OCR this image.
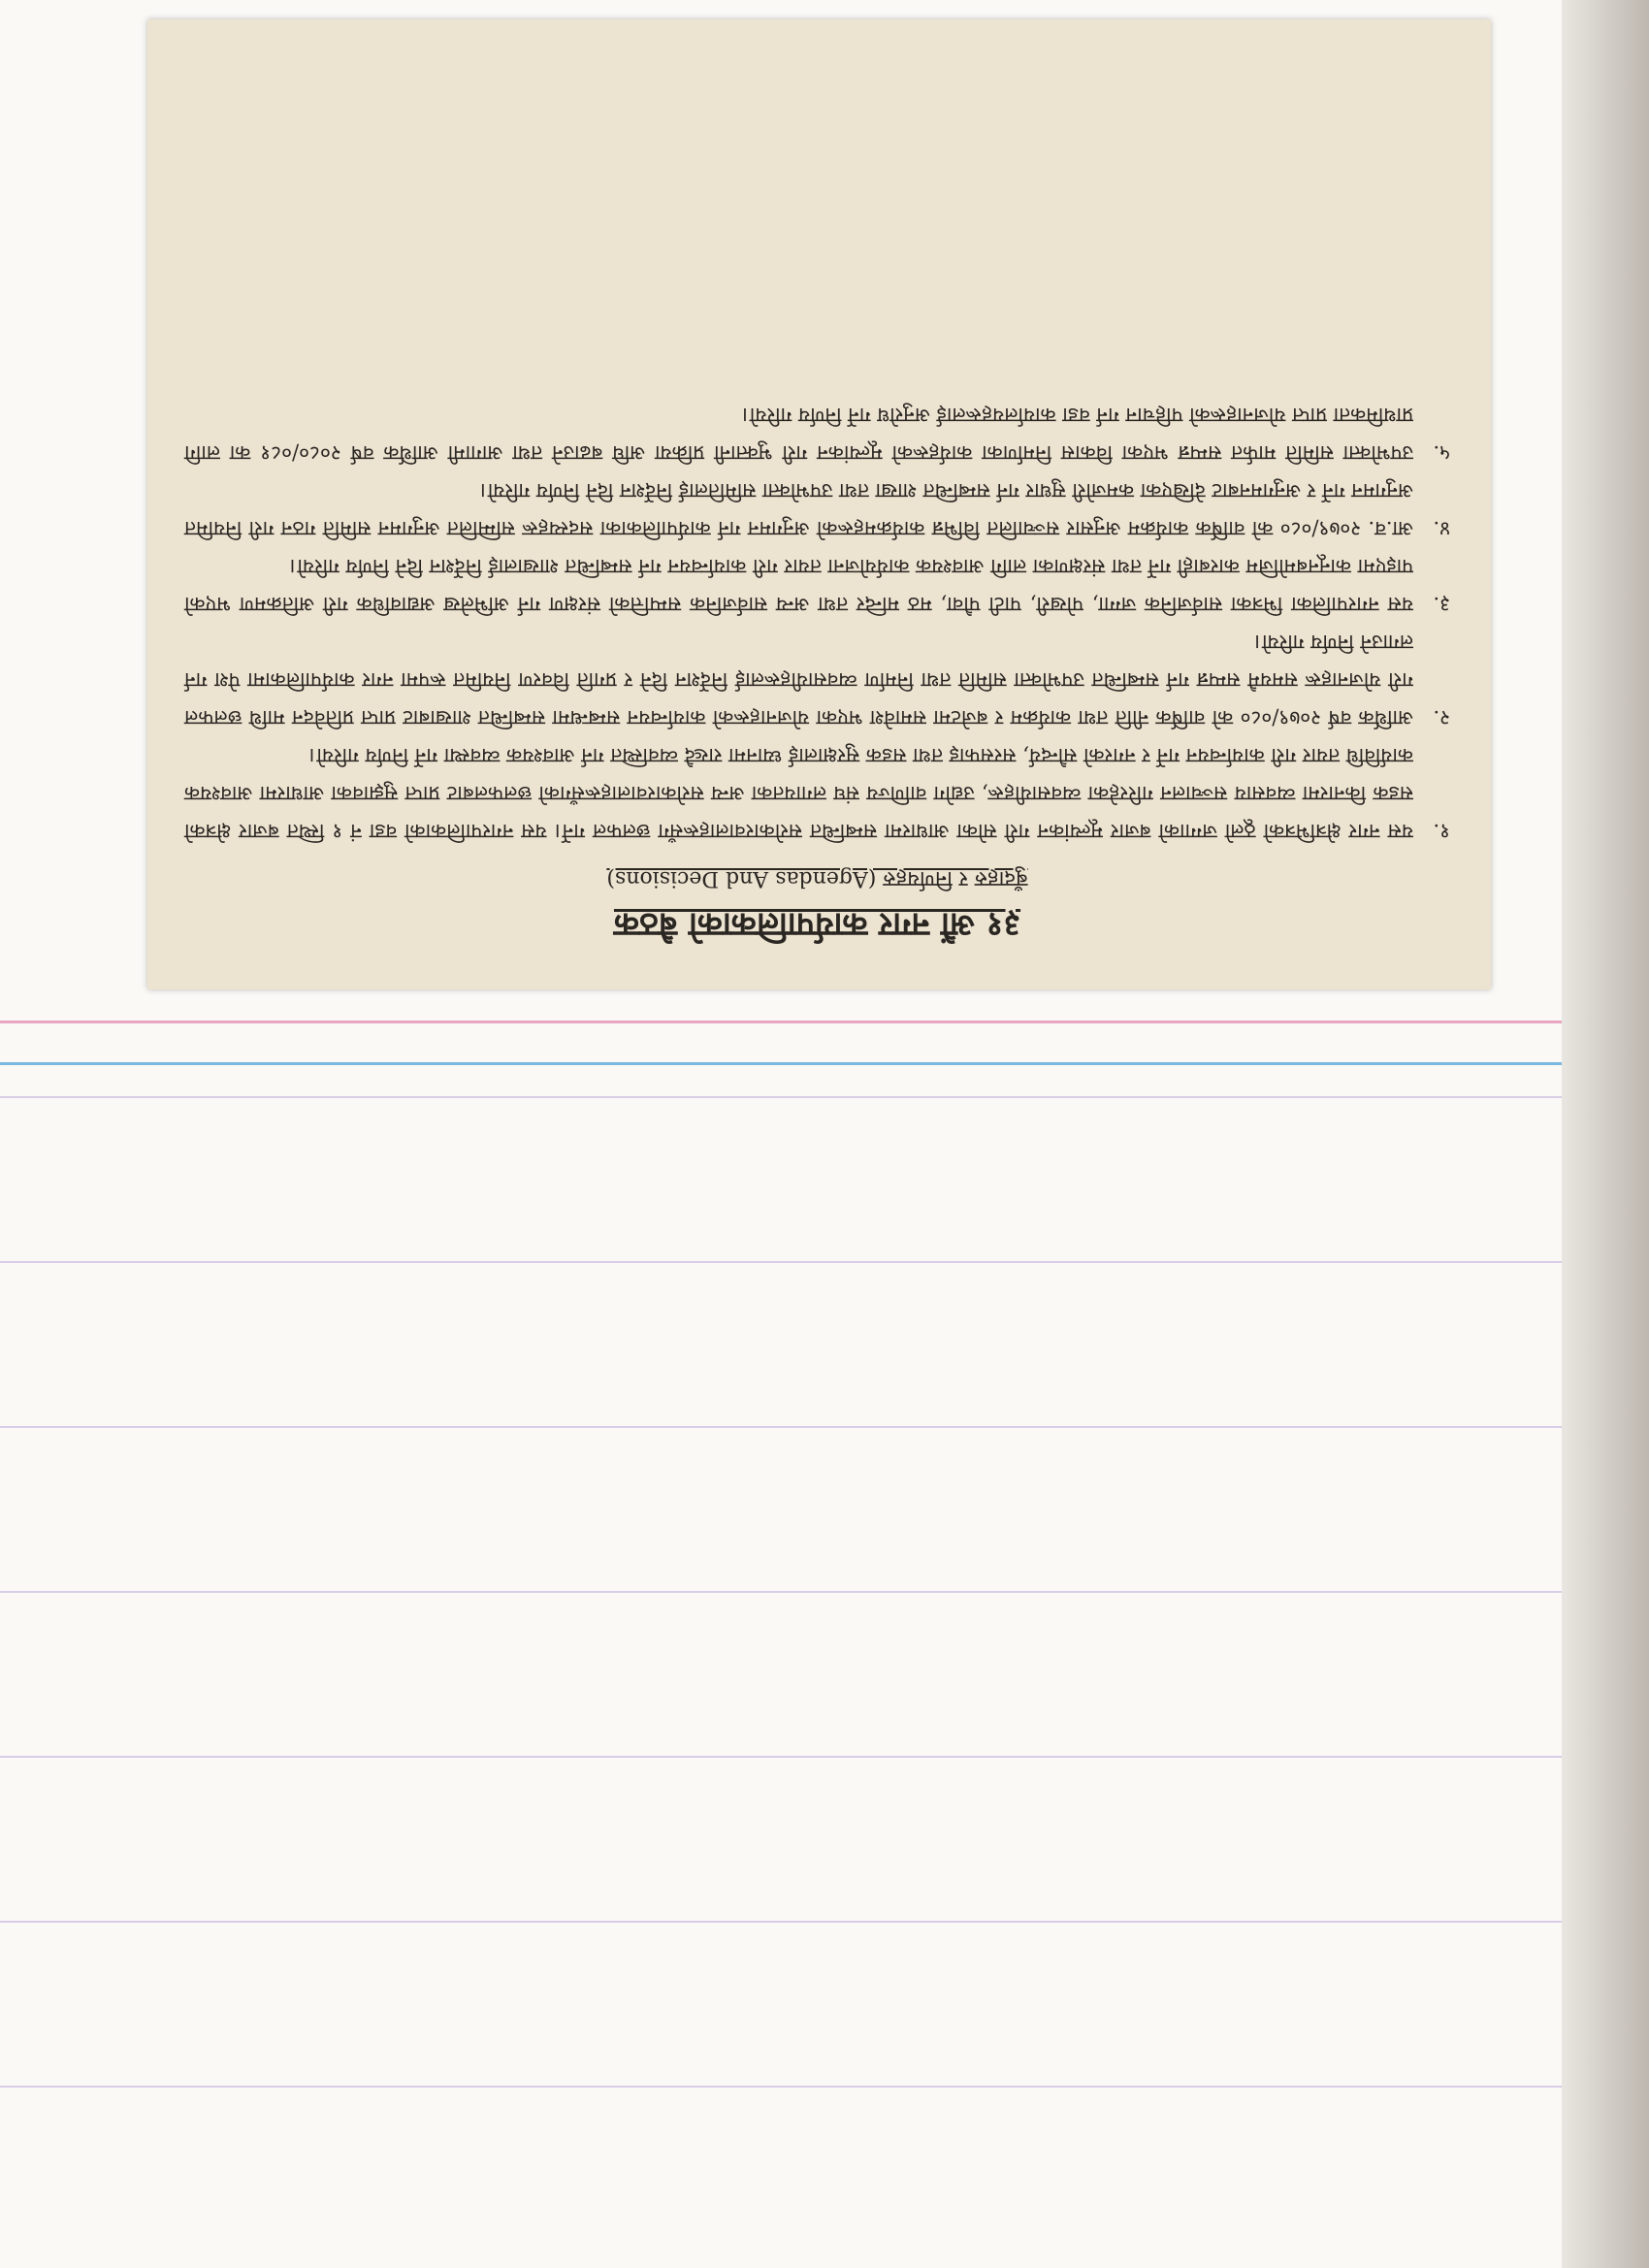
३१ औं नगर कार्यपालिकाको बैठक
बुँदाहरु र निर्णयहरु (Agendas And Decisions)
१.
यस नगर क्षेत्रभित्रको ठूलो जग्गाको बजार मूल्यांकन गरी सोका आधारमा सम्बन्धित सरोकारवालाहरूसँग छलफल गर्ने। यस नगरपालिकाको वडा नं १ स्थित बजार क्षेत्रको सडक किनारमा व्यवसाय सञ्चालन गरिरहेका व्यवसायीहरू, उद्योग वाणिज्य संघ लगायतका अन्य सरोकारवालाहरूसँगको छलफलबाट प्राप्त सुझावका आधारमा आवश्यक कार्यविधि तयार गरी कार्यान्वयन गर्ने र नगरको सौन्दर्य, सरसफाइ तथा सडक सुरक्षालाई ध्यानमा राख्दै व्यवस्थित गर्न आवश्यक व्यवस्था गर्ने निर्णय गरियो।
२.
आर्थिक वर्ष २०७९/०८० को वार्षिक नीति तथा कार्यक्रम र बजेटमा समावेश भएका योजनाहरूको कार्यान्वयन सम्बन्धमा सम्बन्धित शाखाबाट प्राप्त प्रतिवेदन माथि छलफल गरी योजनाहरू समयमै सम्पन्न गर्न सम्बन्धित उपभोक्ता समिति तथा निर्माण व्यवसायीहरूलाई निर्देशन दिने र प्रगति विवरण नियमित रूपमा नगर कार्यपालिकामा पेश गर्न लगाउने निर्णय गरियो।
३.
यस नगरपालिका भित्रका सार्वजनिक जग्गा, पोखरी, पाटी पौवा, मठ मन्दिर तथा अन्य सार्वजनिक सम्पत्तिको संरक्षण गर्न अभिलेख अद्यावधिक गरी अतिक्रमण भएको पाइएमा कानूनबमोजिम कारबाही गर्ने तथा संरक्षणका लागि आवश्यक कार्ययोजना तयार गरी कार्यान्वयन गर्न सम्बन्धित शाखालाई निर्देशन दिने निर्णय गरियो।
४.
आ.व. २०७९/०८० को वार्षिक कार्यक्रम अनुसार सञ्चालित विभिन्न कार्यक्रमहरूको अनुगमन गर्न कार्यपालिकाका सदस्यहरू सम्मिलित अनुगमन समिति गठन गरी नियमित अनुगमन गर्ने र अनुगमनबाट देखिएका कमजोरी सुधार गर्न सम्बन्धित शाखा तथा उपभोक्ता समितिलाई निर्देशन दिने निर्णय गरियो।
५.
उपभोक्ता समिति मार्फत सम्पन्न भएका विकास निर्माणका कार्यहरूको मूल्यांकन गरी भुक्तानी प्रक्रिया अघि बढाउने तथा आगामी आर्थिक वर्ष २०८०/०८१ का लागि प्राथमिकता प्राप्त योजनाहरूको पहिचान गर्न वडा कार्यालयहरूलाई अनुरोध गर्ने निर्णय गरियो।
